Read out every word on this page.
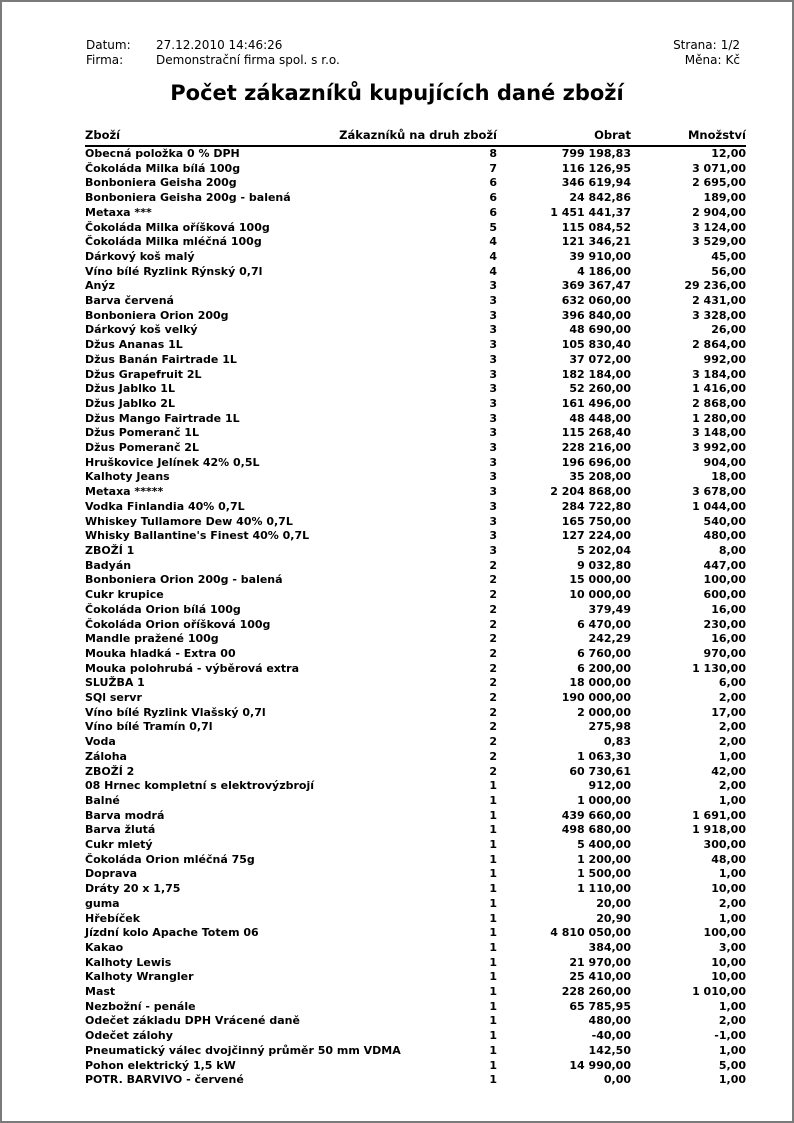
Datum: 27.12.2010 14:46:26
Firma:	Demonstrační firma spol. s r.o.
Strana: 1/2
Měna: Kč
Počet zákazníků kupujících dané zboží
Zboží	Zákazníků na druh zboží	Obrat	Množství
Obecná položka 0 % DPH	8	799 198,83	12,00
Čokoláda Milka bílá 100g	7	116 126,95	3 071,00
Bonboniera Geisha 200g	6	346 619,94	2 695,00
Bonboniera Geisha 200g - balená	6	24 842,86	189,00
Metaxa ***	6	1 451 441,37	2 904,00
Čokoláda Milka oříšková 100g	5	115 084,52	3 124,00
Čokoláda Milka mléčná 100g	4	121 346,21	3 529,00
Dárkový koš malý	4	39 910,00	45,00
Víno bílé Ryzlink Rýnský 0,7l	4	4 186,00	56,00
Anýz	3	369 367,47	29 236,00
Barva červená	3	632 060,00	2 431,00
Bonboniera Orion 200g	3	396 840,00	3 328,00
Dárkový koš velký	3	48 690,00	26,00
Džus Ananas 1L	3	105 830,40	2 864,00
Džus Banán Fairtrade 1L	3	37 072,00	992,00
Džus Grapefruit 2L	3	182 184,00	3 184,00
Džus Jablko 1L	3	52 260,00	1 416,00
Džus Jablko 2L	3	161 496,00	2 868,00
Džus Mango Fairtrade 1L	3	48 448,00	1 280,00
Džus Pomeranč 1L	3	115 268,40	3 148,00
Džus Pomeranč 2L	3	228 216,00	3 992,00
Hruškovice Jelínek 42% 0,5L	3	196 696,00	904,00
Kalhoty Jeans	3	35 208,00	18,00
Metaxa *****	3	2 204 868,00	3 678,00
Vodka Finlandia 40% 0,7L	3	284 722,80	1 044,00
Whiskey Tullamore Dew 40% 0,7L	3	165 750,00	540,00
Whisky Ballantine's Finest 40% 0,7L	3	127 224,00	480,00
ZBOŽÍ 1	3	5 202,04	8,00
Badyán	2	9 032,80	447,00
Bonboniera Orion 200g - balená	2	15 000,00	100,00
Cukr krupice	2	10 000,00	600,00
Čokoláda Orion bílá 100g	2	379,49	16,00
Čokoláda Orion oříšková 100g	2	6 470,00	230,00
Mandle pražené 100g	2	242,29	16,00
Mouka hladká - Extra 00	2	6 760,00	970,00
Mouka polohrubá - výběrová extra	2	6 200,00	1 130,00
SLUŽBA 1	2	18 000,00	6,00
SQl servr	2	190 000,00	2,00
Víno bílé Ryzlink Vlašský 0,7l	2	2 000,00	17,00
Víno bílé Tramín 0,7l	2	275,98	2,00
Voda	2	0,83	2,00
Záloha	2	1 063,30	1,00
ZBOŽÍ 2	2	60 730,61	42,00
08 Hrnec kompletní s elektrovýzbrojí	1	912,00	2,00
Balné	1	1 000,00	1,00
Barva modrá	1	439 660,00	1 691,00
Barva žlutá	1	498 680,00	1 918,00
Cukr mletý	1	5 400,00	300,00
Čokoláda Orion mléčná 75g	1	1 200,00	48,00
Doprava	1	1 500,00	1,00
Dráty 20 x 1,75	1	1 110,00	10,00
guma	1	20,00	2,00
Hřebíček	1	20,90	1,00
Jízdní kolo Apache Totem 06	1	4 810 050,00	100,00
Kakao	1	384,00	3,00
Kalhoty Lewis	1	21 970,00	10,00
Kalhoty Wrangler	1	25 410,00	10,00
Mast	1	228 260,00	1 010,00
Nezbožní - penále	1	65 785,95	1,00
Odečet základu DPH Vrácené daně	1	480,00	2,00
Odečet zálohy	1	-40,00	-1,00
Pneumatický válec dvojčinný průměr 50 mm VDMA	1	142,50	1,00
Pohon elektrický 1,5 kW	1	14 990,00	5,00
POTR. BARVIVO - červené	1	0,00	1,00
